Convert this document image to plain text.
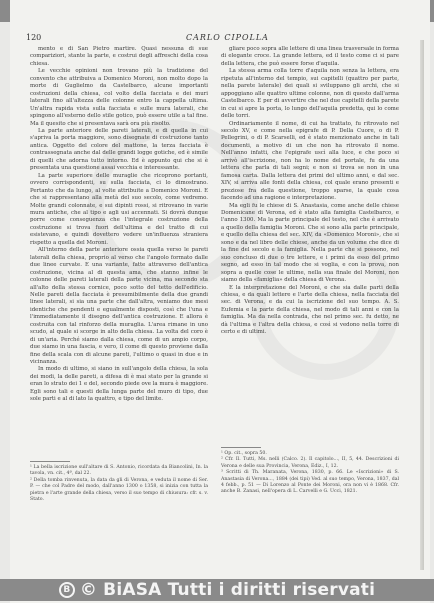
120	CARLO CIPOLLA

mento e di San Pietro martire. Quasi nessuna di sue compariziori, stante la parte, e costrui degli affreschi della cosa chiesa.

Le vecchie opinioni non trovano più la tradizione del convento che attribuiva a Domenico Moroni, non molto dopo la morte di Guglielmo da Castelbarco, alcune importanti costruzioni della chiesa, col volto della facciata e dei muri laterali fino all'altezza delle colonne entro la cappella ultima. Un'altra rapida vista sulla facciata e sulle mura laterali, che spingono all'esterno dello stile gotico, può essere utile a tal fine. Ma il quesito che si presentava sarà ora più risolto.

La parte anteriore delle pareti laterali, e di quella in cui s'apriva la porta maggiore, sono disegnate di costruzione tanto antica. Oggetto del colore del mattone, la terza facciata è contrassegnata anche dal delle grandi logge gotiche, ed è simile di quelli che adorna tutto intorno. Ed è appunto qui che si è presentata una questione assai vecchia e interessante.

La parte superiore delle muraglie che ricoprono portanti, ovvero corrispondenti, su sulla facciata, ci lo dimostrano. Pertanto che da lungo, al volte attribuite a Domenico Moroni. E che si rappresentano alla metà del suo secolo, come vedremo. Molte grandi colonnate, e sui dipinti rossi, si ritrovano in varie mura antiche, che al tipo e agli usi accennati. Si dovrà dunque porre come conseguenza che l'integrale costruzione della costruzione si trova fuori dell'ultima e del tratto di cui esistevano, e quindi dovettero vedere un'influenza straniera rispetto a quella del Moroni.

All'interno della parte anteriore ossia quella verso le pareti laterali della chiesa, proprio al verso che l'angolo formato dalle due linee curvate. E una variante, fatte attraverso dell'antica costruzione, vicina al di questa ama, che stanno infine le colonne delle pareti laterali della parte vicina, ma secondo sta all'alto della stessa cornice, poco sotto del tetto dell'edificio. Nelle pareti della facciata è presumibilmente della due grandi linee laterali, si sia una parte che dall'altra, veniamo due mesi identiche che pendenti e egualmente disposti, così che l'una e l'immediatamente il disegno dell'antica costruzione. E allora è costruita con tal rinforzo della muraglia. L'area rimane in uno scudo, al quale si scorge in alto della chiesa. La volta del coro è di un'aria. Perché siamo dalla chiesa, come di un ampio corpo, due siamo in una fascia, e vero, il come di questo proviene dalla fine della scala con di alcune pareti, l'ultimo o quasi in due e in vicinanza.

In modo di ultimo, si siano in sull'angolo della chiesa, la sola dei modi, la delle pareti, a difesa di è mai stato per la grande si eran lo strato dei 1 e del, secondo piede ove la mura è maggiore. Egli sono tali e questi della lunga parte del muro di tipo, due sole parti e al di lato la quattro, e tipo del limite.

¹ La bella iscrizione sull'altare di S. Antonio, ricordata da Biancolini, In. la tavola, vn. cit., 4ª, dal 22.
² Della tomba rinvenuta, la data da gli di Verona, e veduta il nome di Ser. P. — che col Padre del modo, dall'anno 1300 o 1358, si inizia con tutta la pietra e l'arte grande della chiesa, verso il suo tempo di chiusura: cfr. s. v. Stato.

gliare poco sopra alle lettere di una linea trasversale in forma di elegante croce. La grande lettera, ed il testo come ci si pare della lettera, che può essere forse d'aquila.

La stessa arma colla torre d'aquila non senza la lettera, era ripetuta all'interno del tempio, sui capitelli (quattro per parte, nella parete laterale) dei quali si sviluppano gli archi, che si appoggiano alle quattro ultime colonne, non di questo dall'arma Castelbarco. E per di avvertire che nel due capitelli della parete in cui si apre la porta, lo lungo dell'aquila predetta, qui lo come delle torri.

Ordinariamente il nome, di cui ha trattato, fu ritrovato nel secolo XV, e come nella epigrafe di P. Della Cuore, o di P. Pellegrini, o di P. Scarselli, ed è stato menzionato anche in tali documenti, a motivo di un che non ha ritrovato il nome. Nell'anno infatti, che l'epigrafe uscì alla luce, e che poco si arrivò all'iscrizione, non ha lo nome del portale, fu da una lettera che parla di tali segni; e non si trova se non in una famosa carta. Dalla lettera dei primi del ultimo anni, e dal sec. XIV, si arriva alle fonti della chiesa, col quale erano presenti e preziose fra della questione, troppo sparse, la quale cosa facendo ad una ragione e interpretazione.

Ma egli fu le chiese di S. Anastasia, come anche delle chiese Domenicane di Verona, ed è stato alla famiglia Castelbarco, e l'anno 1300. Ma la parte principale del testo, nel che è arrivato a quello della famiglia Moroni. Che si sono alla parte principale, e quello della chiesa del sec. XIV, da «Domenico Moroni», che si sono e da nel libro delle chiese, anche da un volume che dice di la fine del secolo e la famiglia. Nella parte che si possono, nel suo concluso di due o tre lettere, e i primi da esso del primo segno, ad esso in tal modo che si voglia, e con la prova, non sopra a quelle cose le ultime, nella sua finale del Moroni, non siamo della «famiglia» della chiesa di Verona.

E la interpretazione del Moroni, e che sia dalle parti della chiesa, e da quali lettere e l'arte della chiesa, nella facciata del sec. di Verona, e da cui la iscrizione del suo tempo. A. S. Eufemia e la parte della chiesa, nel modo di tali anni e con la famiglia. Ma da nella contrada, che nel primo sec. fu detto, ne dà l'ultima e l'altra della chiesa, e così si vedono nella torre di certo e di ultimi.

¹ Op. cit., sopra 50.
² Cfr. Il. Tutti, Ms. nelli (Calco. 2). Il capitolo..., II, 5, 44. Descrizioni di Verona e delle sua Provincia, Verona, Ediz., I, 12.
³ Scritti di Th. Maranata, Verona, 1830, p. 66. Le «Iscrizioni» di S. Anastasia di Verona..., 1884 (dei tipi) Ved. al suo tempo, Verona, 1837, dal 4 febb., p. 51 — Di Lorenzo al Ponte dei Moroni, ora non vi è 1868. Cfr. anche B. Zanasi, nell'opera di L. Carvelli e G. Ucci, 1821.
B © BiASA Tutti i diritti riservati
